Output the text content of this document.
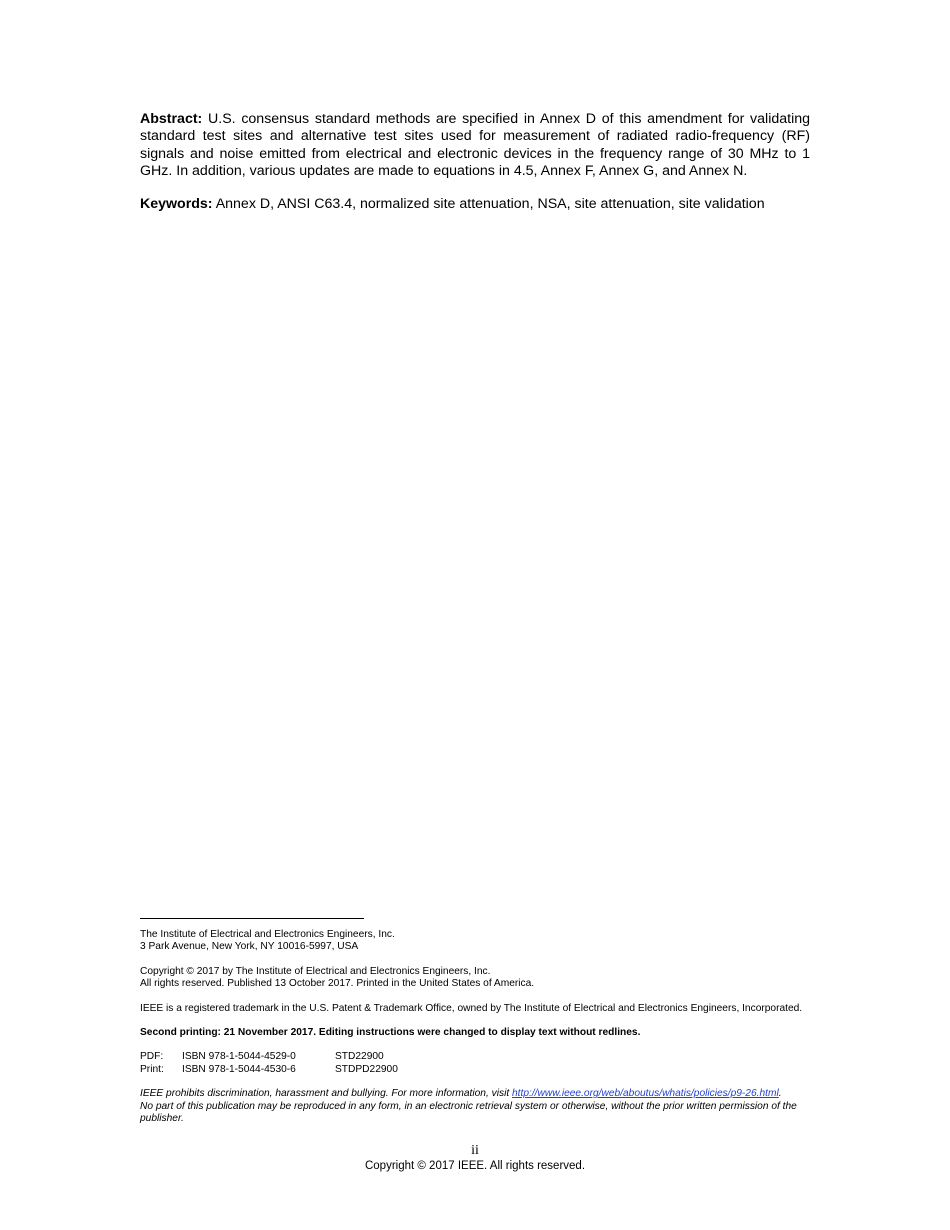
Abstract: U.S. consensus standard methods are specified in Annex D of this amendment for validating standard test sites and alternative test sites used for measurement of radiated radio-frequency (RF) signals and noise emitted from electrical and electronic devices in the frequency range of 30 MHz to 1 GHz. In addition, various updates are made to equations in 4.5, Annex F, Annex G, and Annex N.

Keywords: Annex D, ANSI C63.4, normalized site attenuation, NSA, site attenuation, site validation

The Institute of Electrical and Electronics Engineers, Inc.
3 Park Avenue, New York, NY 10016-5997, USA

Copyright © 2017 by The Institute of Electrical and Electronics Engineers, Inc.
All rights reserved. Published 13 October 2017. Printed in the United States of America.

IEEE is a registered trademark in the U.S. Patent & Trademark Office, owned by The Institute of Electrical and Electronics Engineers, Incorporated.

Second printing: 21 November 2017. Editing instructions were changed to display text without redlines.

PDF: ISBN 978-1-5044-4529-0	STD22900
Print: ISBN 978-1-5044-4530-6	STDPD22900

IEEE prohibits discrimination, harassment and bullying. For more information, visit http://www.ieee.org/web/aboutus/whatis/policies/p9-26.html.
No part of this publication may be reproduced in any form, in an electronic retrieval system or otherwise, without the prior written permission of the publisher.

ii
Copyright © 2017 IEEE. All rights reserved.
